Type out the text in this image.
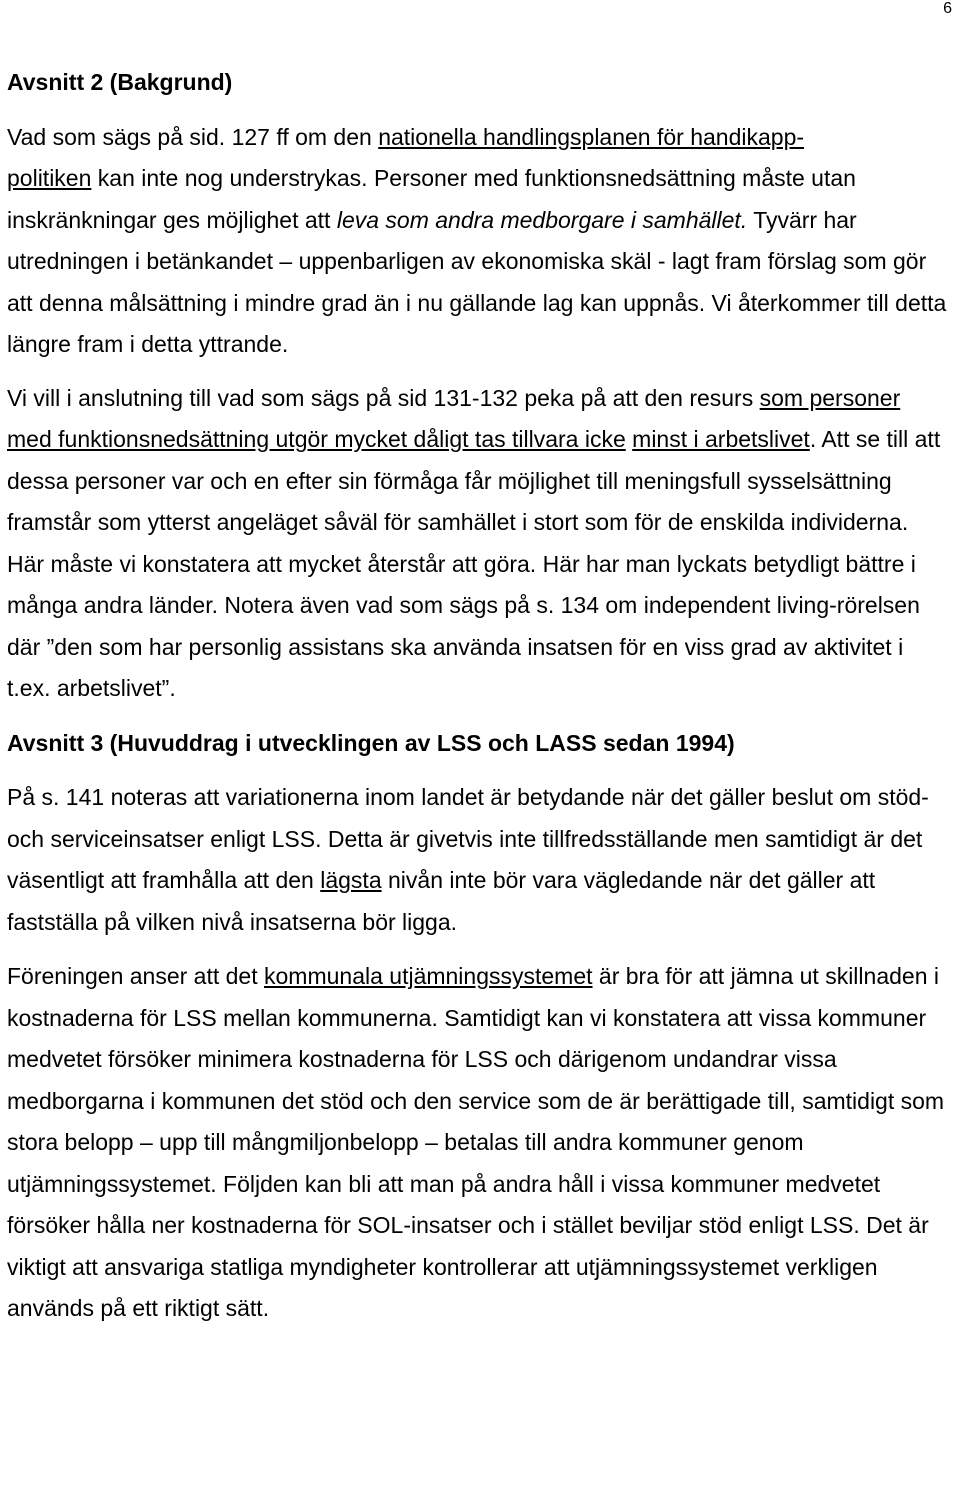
6
Avsnitt 2 (Bakgrund)

Vad som sägs på sid. 127 ff om den nationella handlingsplanen för handikapp-
politiken kan inte nog understrykas. Personer med funktionsnedsättning måste utan inskränkningar ges möjlighet att leva som andra medborgare i samhället. Tyvärr har utredningen i betänkandet – uppenbarligen av ekonomiska skäl - lagt fram förslag som gör att denna målsättning i mindre grad än i nu gällande lag kan uppnås. Vi återkommer till detta längre fram i detta yttrande.

Vi vill i anslutning till vad som sägs på sid 131-132 peka på att den resurs som personer med funktionsnedsättning utgör mycket dåligt tas tillvara icke minst i arbetslivet. Att se till att dessa personer var och en efter sin förmåga får möjlighet till meningsfull sysselsättning framstår som ytterst angeläget såväl för samhället i stort som för de enskilda individerna. Här måste vi konstatera att mycket återstår att göra. Här har man lyckats betydligt bättre i många andra länder. Notera även vad som sägs på s. 134 om independent living-rörelsen där ”den som har personlig assistans ska använda insatsen för en viss grad av aktivitet i t.ex. arbetslivet”.

Avsnitt 3 (Huvuddrag i utvecklingen av LSS och LASS sedan 1994)

På s. 141 noteras att variationerna inom landet är betydande när det gäller beslut om stöd- och serviceinsatser enligt LSS. Detta är givetvis inte tillfredsställande men samtidigt är det väsentligt att framhålla att den lägsta nivån inte bör vara vägledande när det gäller att fastställa på vilken nivå insatserna bör ligga.

Föreningen anser att det kommunala utjämningssystemet är bra för att jämna ut skillnaden i kostnaderna för LSS mellan kommunerna. Samtidigt kan vi konstatera att vissa kommuner medvetet försöker minimera kostnaderna för LSS och därigenom undandrar vissa medborgarna i kommunen det stöd och den service som de är berättigade till, samtidigt som stora belopp – upp till mångmiljonbelopp – betalas till andra kommuner genom utjämningssystemet. Följden kan bli att man på andra håll i vissa kommuner medvetet försöker hålla ner kostnaderna för SOL-insatser och i stället beviljar stöd enligt LSS. Det är viktigt att ansvariga statliga myndigheter kontrollerar att utjämningssystemet verkligen används på ett riktigt sätt.
